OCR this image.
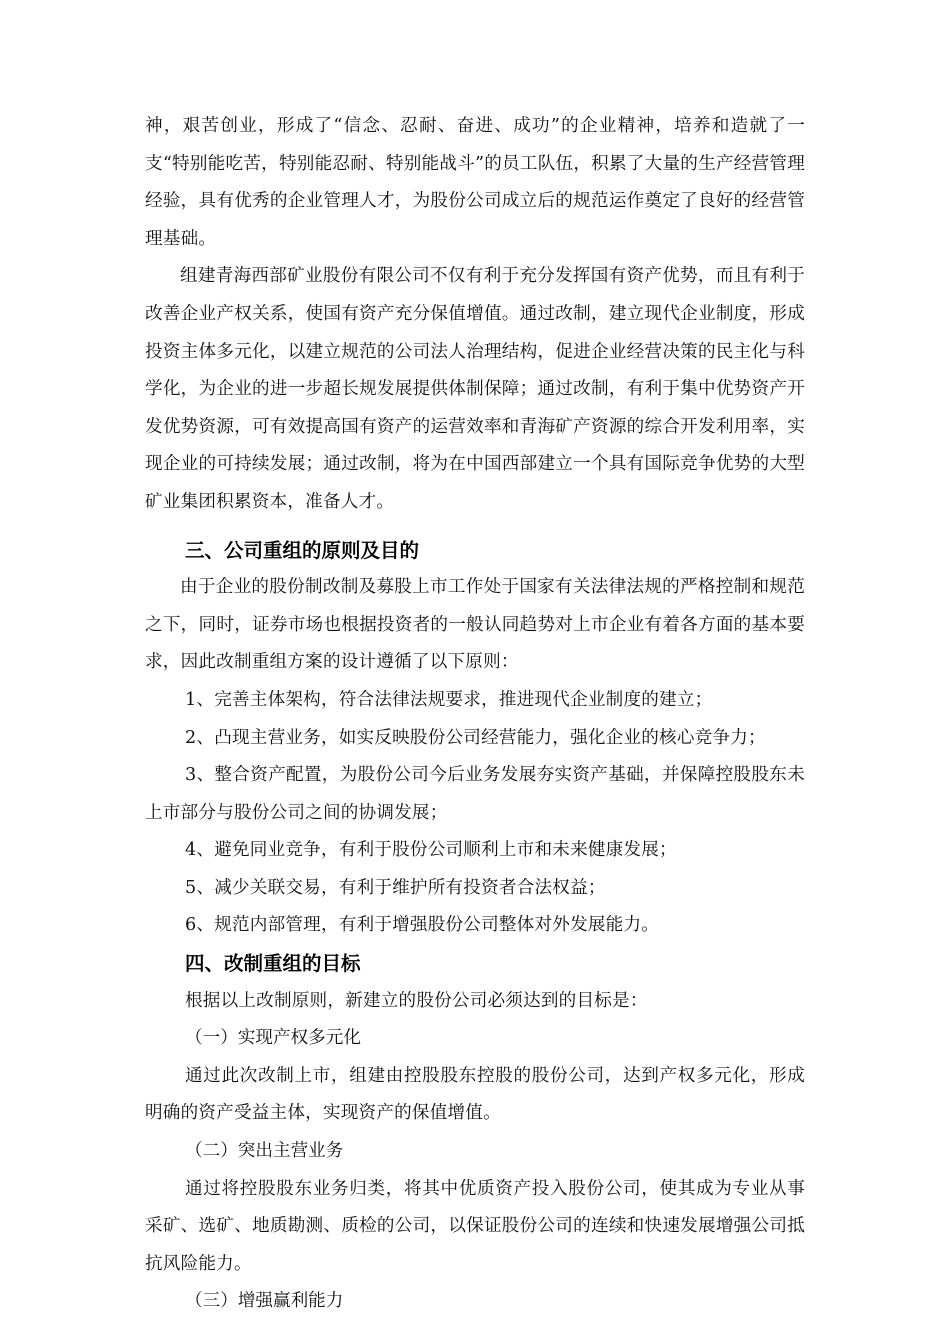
神，艰苦创业，形成了“信念、忍耐、奋进、成功”的企业精神，培养和造就了一支“特别能吃苦，特别能忍耐、特别能战斗”的员工队伍，积累了大量的生产经营管理经验，具有优秀的企业管理人才，为股份公司成立后的规范运作奠定了良好的经营管理基础。

组建青海西部矿业股份有限公司不仅有利于充分发挥国有资产优势，而且有利于改善企业产权关系，使国有资产充分保值增值。通过改制，建立现代企业制度，形成投资主体多元化，以建立规范的公司法人治理结构，促进企业经营决策的民主化与科学化，为企业的进一步超长规发展提供体制保障；通过改制，有利于集中优势资产开发优势资源，可有效提高国有资产的运营效率和青海矿产资源的综合开发利用率，实现企业的可持续发展；通过改制，将为在中国西部建立一个具有国际竞争优势的大型矿业集团积累资本，准备人才。

三、公司重组的原则及目的

由于企业的股份制改制及募股上市工作处于国家有关法律法规的严格控制和规范之下，同时，证券市场也根据投资者的一般认同趋势对上市企业有着各方面的基本要求，因此改制重组方案的设计遵循了以下原则：

1、完善主体架构，符合法律法规要求，推进现代企业制度的建立；

2、凸现主营业务，如实反映股份公司经营能力，强化企业的核心竞争力；

3、整合资产配置，为股份公司今后业务发展夯实资产基础，并保障控股股东未上市部分与股份公司之间的协调发展；

4、避免同业竞争，有利于股份公司顺利上市和未来健康发展；

5、减少关联交易，有利于维护所有投资者合法权益；

6、规范内部管理，有利于增强股份公司整体对外发展能力。

四、改制重组的目标

根据以上改制原则，新建立的股份公司必须达到的目标是：

（一）实现产权多元化

通过此次改制上市，组建由控股股东控股的股份公司，达到产权多元化，形成明确的资产受益主体，实现资产的保值增值。

（二）突出主营业务

通过将控股股东业务归类，将其中优质资产投入股份公司，使其成为专业从事采矿、选矿、地质勘测、质检的公司，以保证股份公司的连续和快速发展增强公司抵抗风险能力。

（三）增强赢利能力
